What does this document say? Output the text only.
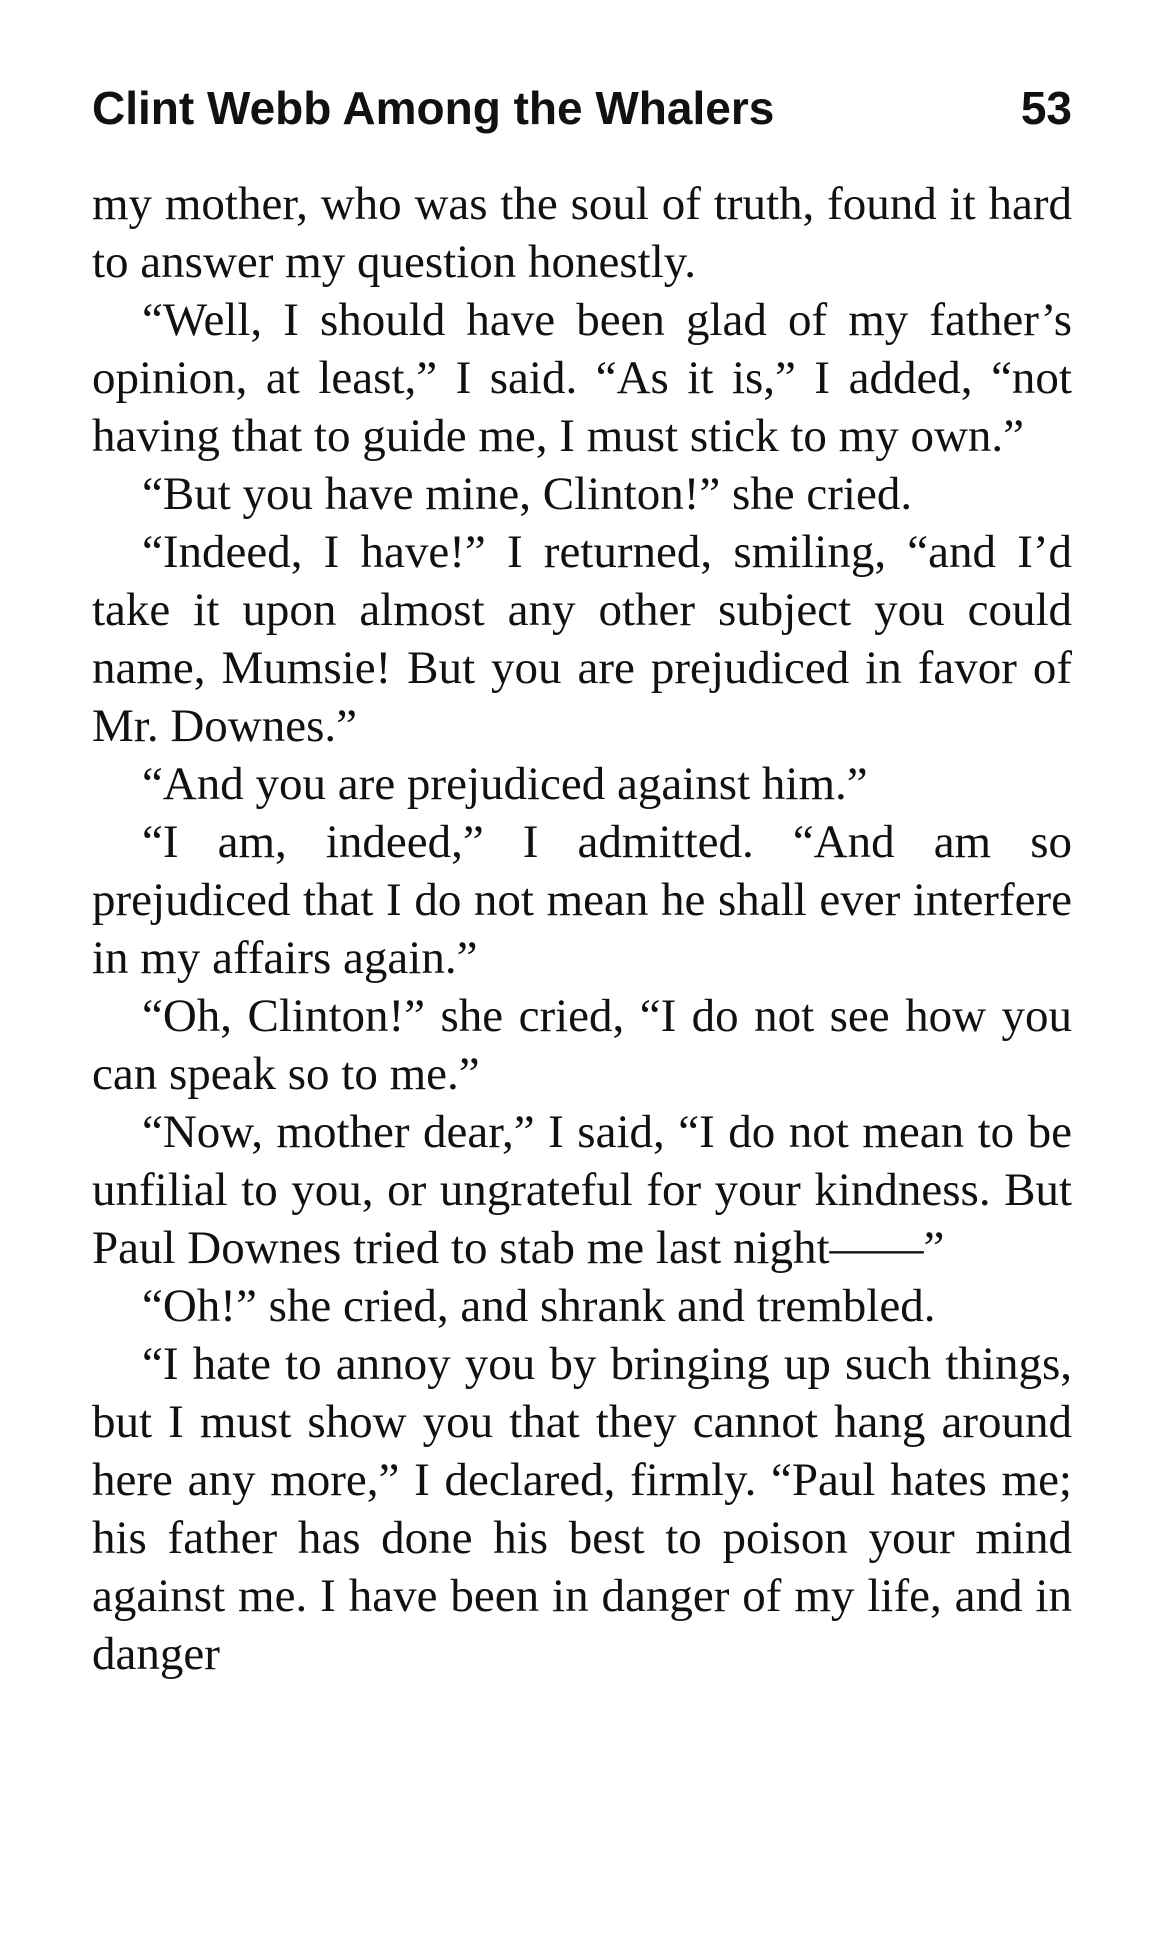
Clint Webb Among the Whalers	53

my mother, who was the soul of truth, found it hard to answer my question honestly.

“Well, I should have been glad of my father’s opinion, at least,” I said. “As it is,” I added, “not having that to guide me, I must stick to my own.”

“But you have mine, Clinton!” she cried.

“Indeed, I have!” I returned, smiling, “and I’d take it upon almost any other subject you could name, Mumsie! But you are prejudiced in favor of Mr. Downes.”

“And you are prejudiced against him.”

“I am, indeed,” I admitted. “And am so prejudiced that I do not mean he shall ever interfere in my affairs again.”

“Oh, Clinton!” she cried, “I do not see how you can speak so to me.”

“Now, mother dear,” I said, “I do not mean to be unfilial to you, or ungrateful for your kindness. But Paul Downes tried to stab me last night——”

“Oh!” she cried, and shrank and trembled.

“I hate to annoy you by bringing up such things, but I must show you that they cannot hang around here any more,” I declared, firmly. “Paul hates me; his father has done his best to poison your mind against me. I have been in danger of my life, and in danger
